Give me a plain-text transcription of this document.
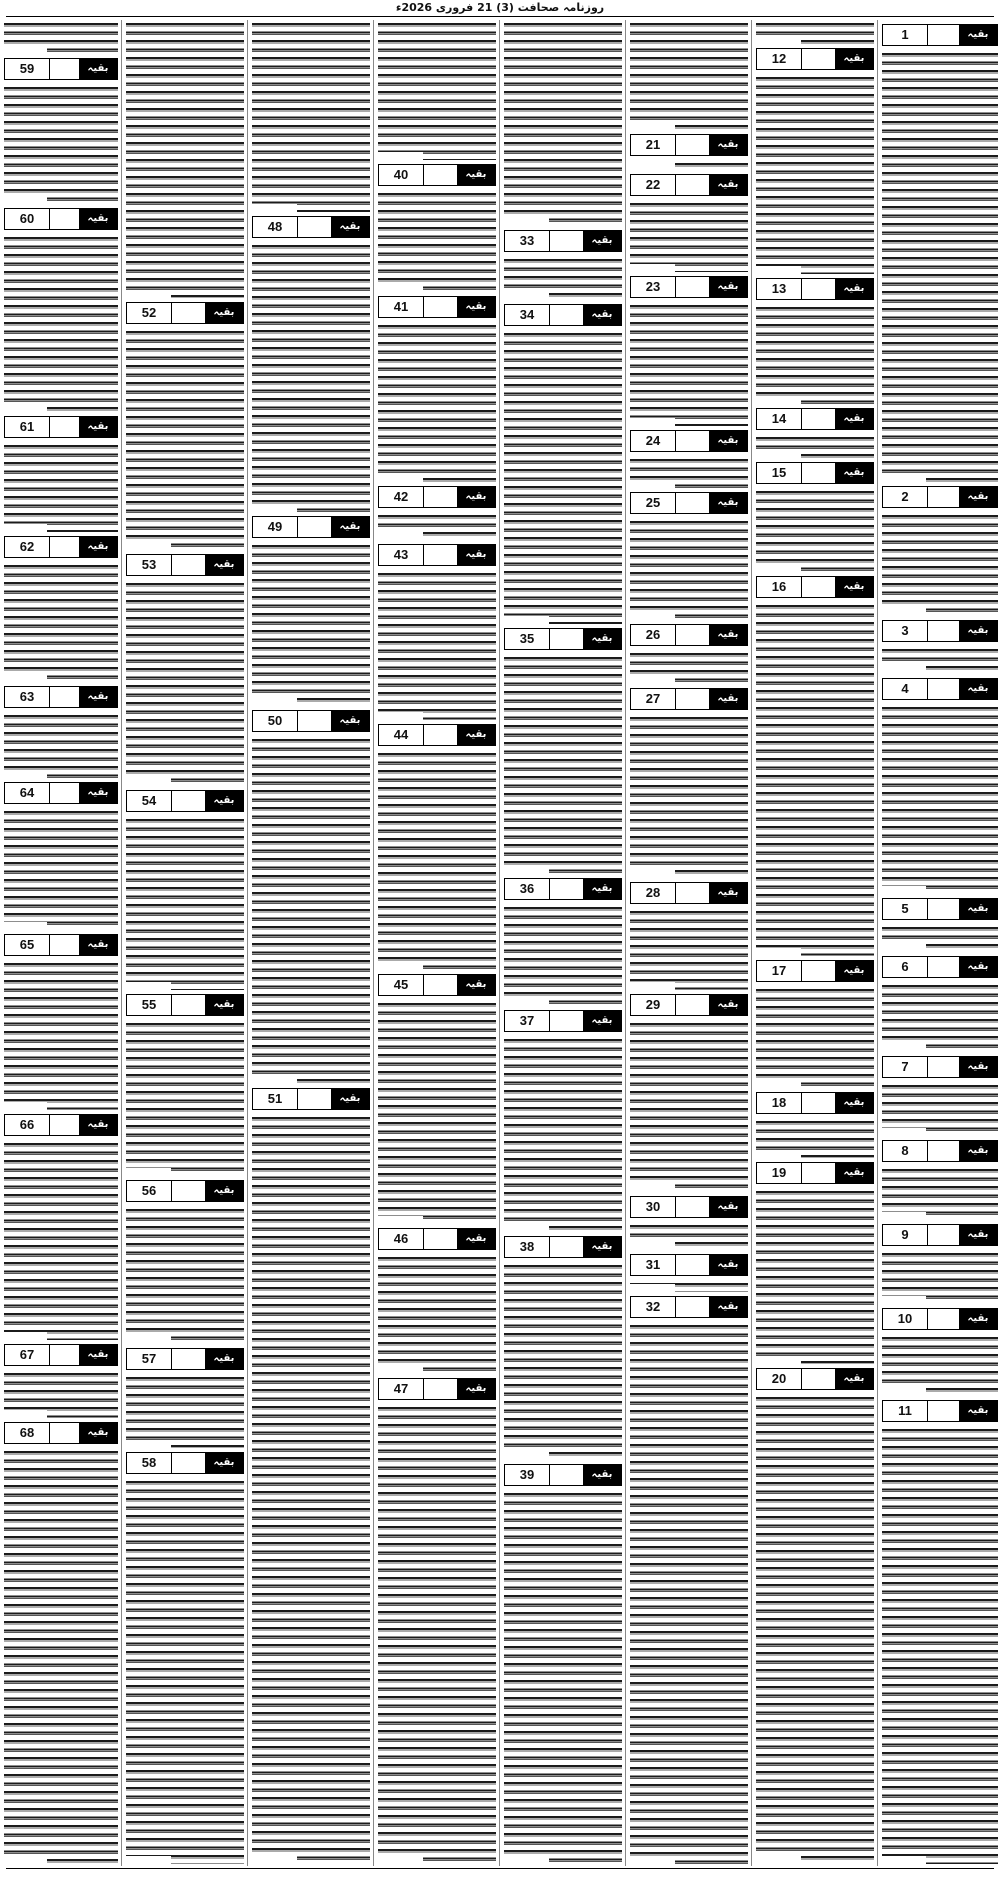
روزنامہ صحافت (3) 21 فروری 2026ء
1	بقیہ
2	بقیہ
3	بقیہ
4	بقیہ
5	بقیہ
6	بقیہ
7	بقیہ
8	بقیہ
9	بقیہ
10	بقیہ
11	بقیہ
12	بقیہ
13	بقیہ
14	بقیہ
15	بقیہ
16	بقیہ
17	بقیہ
18	بقیہ
19	بقیہ
20	بقیہ
21	بقیہ
22	بقیہ
23	بقیہ
24	بقیہ
25	بقیہ
26	بقیہ
27	بقیہ
28	بقیہ
29	بقیہ
30	بقیہ
31	بقیہ
32	بقیہ
33	بقیہ
34	بقیہ
35	بقیہ
36	بقیہ
37	بقیہ
38	بقیہ
39	بقیہ
40	بقیہ
41	بقیہ
42	بقیہ
43	بقیہ
44	بقیہ
45	بقیہ
46	بقیہ
47	بقیہ
48	بقیہ
49	بقیہ
50	بقیہ
51	بقیہ
52	بقیہ
53	بقیہ
54	بقیہ
55	بقیہ
56	بقیہ
57	بقیہ
58	بقیہ
59	بقیہ
60	بقیہ
61	بقیہ
62	بقیہ
63	بقیہ
64	بقیہ
65	بقیہ
66	بقیہ
67	بقیہ
68	بقیہ
